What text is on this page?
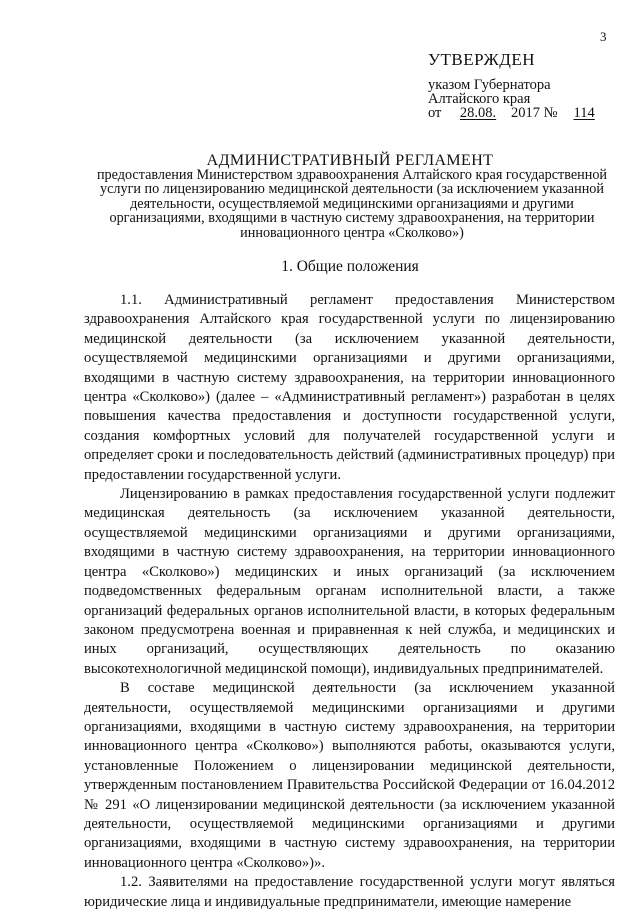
3
УТВЕРЖДЕН

указом Губернатора

Алтайского края

от 28.08. 2017 № 114
АДМИНИСТРАТИВНЫЙ РЕГЛАМЕНТ
предоставления Министерством здравоохранения Алтайского края государственной услуги по лицензированию медицинской деятельности (за исключением указанной деятельности, осуществляемой медицинскими организациями и другими организациями, входящими в частную систему здравоохранения, на территории инновационного центра «Сколково»)
1. Общие положения

1.1. Административный регламент предоставления Министерством здравоохранения Алтайского края государственной услуги по лицензированию медицинской деятельности (за исключением указанной деятельности, осуществляемой медицинскими организациями и другими организациями, входящими в частную систему здравоохранения, на территории инновационного центра «Сколково») (далее – «Административный регламент») разработан в целях повышения качества предоставления и доступности государственной услуги, создания комфортных условий для получателей государственной услуги и определяет сроки и последовательность действий (административных процедур) при предоставлении государственной услуги.

Лицензированию в рамках предоставления государственной услуги подлежит медицинская деятельность (за исключением указанной деятельности, осуществляемой медицинскими организациями и другими организациями, входящими в частную систему здравоохранения, на территории инновационного центра «Сколково») медицинских и иных организаций (за исключением подведомственных федеральным органам исполнительной власти, а также организаций федеральных органов исполнительной власти, в которых федеральным законом предусмотрена военная и приравненная к ней служба, и медицинских и иных организаций, осуществляющих деятельность по оказанию высокотехнологичной медицинской помощи), индивидуальных предпринимателей.

В составе медицинской деятельности (за исключением указанной деятельности, осуществляемой медицинскими организациями и другими организациями, входящими в частную систему здравоохранения, на территории инновационного центра «Сколково») выполняются работы, оказываются услуги, установленные Положением о лицензировании медицинской деятельности, утвержденным постановлением Правительства Российской Федерации от 16.04.2012 № 291 «О лицензировании медицинской деятельности (за исключением указанной деятельности, осуществляемой медицинскими организациями и другими организациями, входящими в частную систему здравоохранения, на территории инновационного центра «Сколково»)».

1.2. Заявителями на предоставление государственной услуги могут являться юридические лица и индивидуальные предприниматели, имеющие намерение
